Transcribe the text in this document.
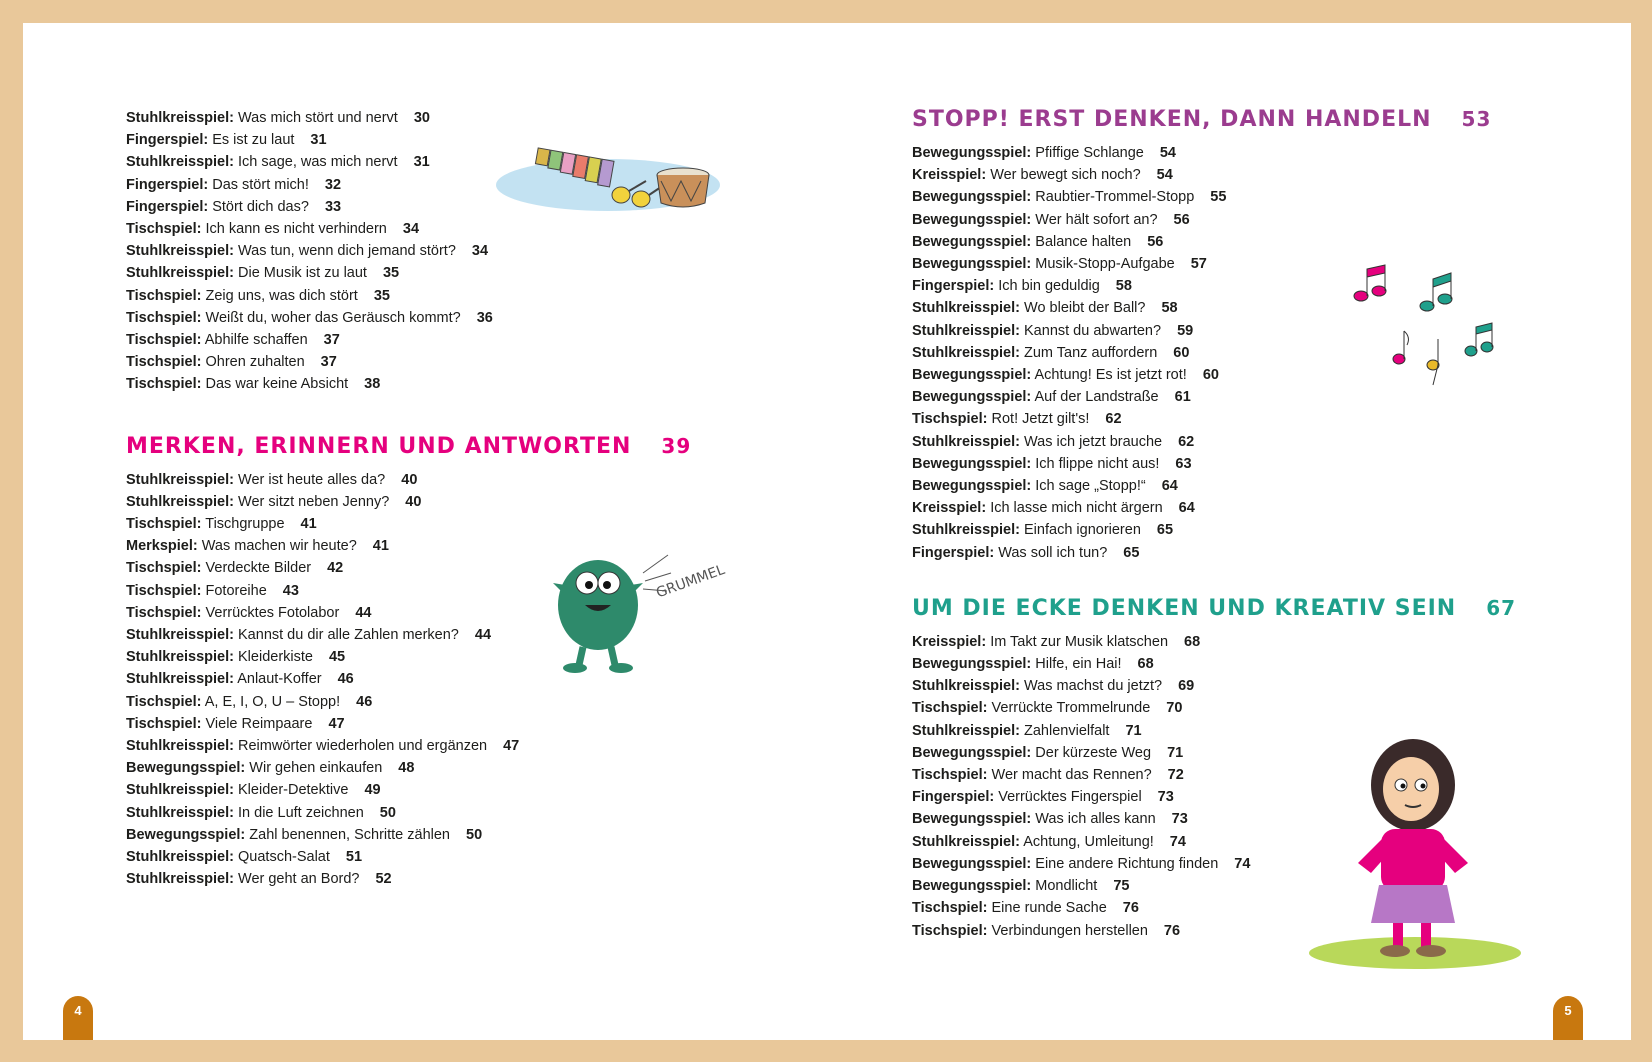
Stuhlkreisspiel: Was mich stört und nervt 30
Fingerspiel: Es ist zu laut 31
Stuhlkreisspiel: Ich sage, was mich nervt 31
Fingerspiel: Das stört mich! 32
Fingerspiel: Stört dich das? 33
Tischspiel: Ich kann es nicht verhindern 34
Stuhlkreisspiel: Was tun, wenn dich jemand stört? 34
Stuhlkreisspiel: Die Musik ist zu laut 35
Tischspiel: Zeig uns, was dich stört 35
Tischspiel: Weißt du, woher das Geräusch kommt? 36
Tischspiel: Abhilfe schaffen 37
Tischspiel: Ohren zuhalten 37
Tischspiel: Das war keine Absicht 38
MERKEN, ERINNERN UND ANTWORTEN 39
Stuhlkreisspiel: Wer ist heute alles da? 40
Stuhlkreisspiel: Wer sitzt neben Jenny? 40
Tischspiel: Tischgruppe 41
Merkspiel: Was machen wir heute? 41
Tischspiel: Verdeckte Bilder 42
Tischspiel: Fotoreihe 43
Tischspiel: Verrücktes Fotolabor 44
Stuhlkreisspiel: Kannst du dir alle Zahlen merken? 44
Stuhlkreisspiel: Kleiderkiste 45
Stuhlkreisspiel: Anlaut-Koffer 46
Tischspiel: A, E, I, O, U – Stopp! 46
Tischspiel: Viele Reimpaare 47
Stuhlkreisspiel: Reimwörter wiederholen und ergänzen 47
Bewegungsspiel: Wir gehen einkaufen 48
Stuhlkreisspiel: Kleider-Detektive 49
Stuhlkreisspiel: In die Luft zeichnen 50
Bewegungsspiel: Zahl benennen, Schritte zählen 50
Stuhlkreisspiel: Quatsch-Salat 51
Stuhlkreisspiel: Wer geht an Bord? 52
GRUMMEL
4
STOPP! ERST DENKEN, DANN HANDELN 53
Bewegungsspiel: Pfiffige Schlange 54
Kreisspiel: Wer bewegt sich noch? 54
Bewegungsspiel: Raubtier-Trommel-Stopp 55
Bewegungsspiel: Wer hält sofort an? 56
Bewegungsspiel: Balance halten 56
Bewegungsspiel: Musik-Stopp-Aufgabe 57
Fingerspiel: Ich bin geduldig 58
Stuhlkreisspiel: Wo bleibt der Ball? 58
Stuhlkreisspiel: Kannst du abwarten? 59
Stuhlkreisspiel: Zum Tanz auffordern 60
Bewegungsspiel: Achtung! Es ist jetzt rot! 60
Bewegungsspiel: Auf der Landstraße 61
Tischspiel: Rot! Jetzt gilt's! 62
Stuhlkreisspiel: Was ich jetzt brauche 62
Bewegungsspiel: Ich flippe nicht aus! 63
Bewegungsspiel: Ich sage „Stopp!“ 64
Kreisspiel: Ich lasse mich nicht ärgern 64
Stuhlkreisspiel: Einfach ignorieren 65
Fingerspiel: Was soll ich tun? 65
UM DIE ECKE DENKEN UND KREATIV SEIN 67
Kreisspiel: Im Takt zur Musik klatschen 68
Bewegungsspiel: Hilfe, ein Hai! 68
Stuhlkreisspiel: Was machst du jetzt? 69
Tischspiel: Verrückte Trommelrunde 70
Stuhlkreisspiel: Zahlenvielfalt 71
Bewegungsspiel: Der kürzeste Weg 71
Tischspiel: Wer macht das Rennen? 72
Fingerspiel: Verrücktes Fingerspiel 73
Bewegungsspiel: Was ich alles kann 73
Stuhlkreisspiel: Achtung, Umleitung! 74
Bewegungsspiel: Eine andere Richtung finden 74
Bewegungsspiel: Mondlicht 75
Tischspiel: Eine runde Sache 76
Tischspiel: Verbindungen herstellen 76
5
